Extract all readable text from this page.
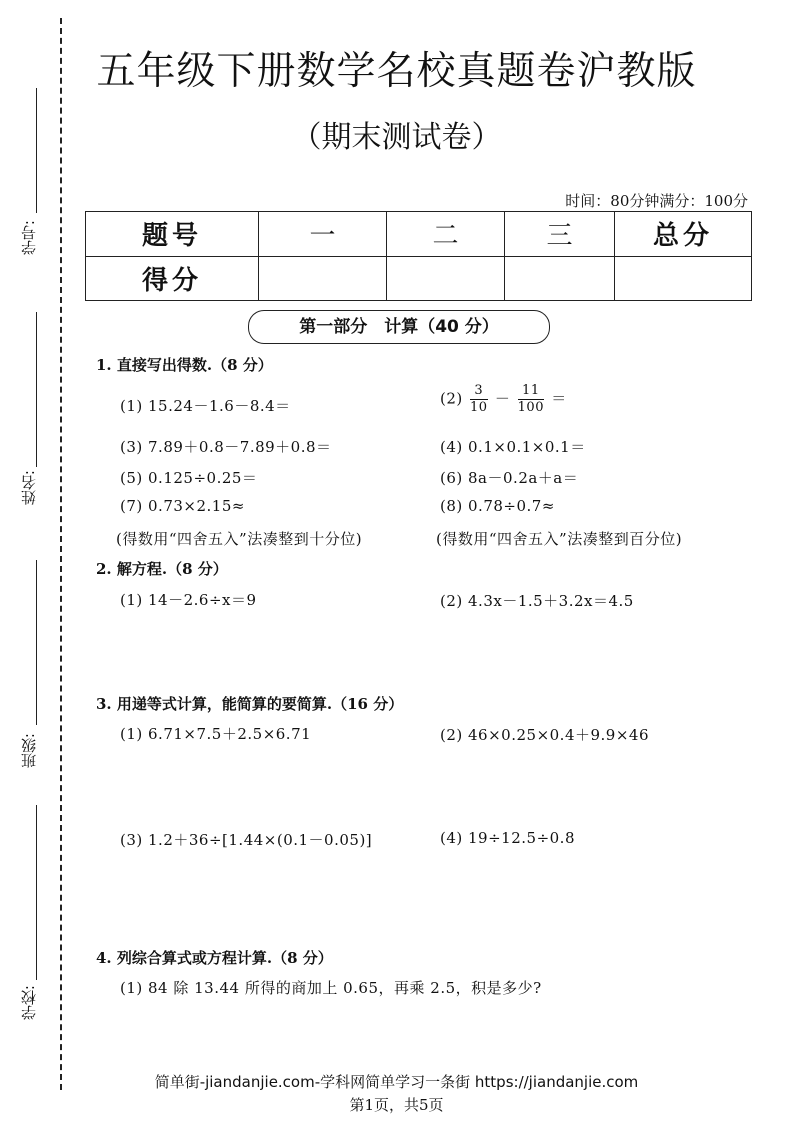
学号:
姓名:
班级:
学校:
五年级下册数学名校真题卷沪教版
（期末测试卷）
时间：80分钟满分：100分
题号	一	二	三	总分
得分				
第一部分　计算（40 分）
1. 直接写出得数.（8 分）
(1) 15.24－1.6－8.4＝	$(2) \frac{3}{10} - \frac{11}{100}$ ＝
(3) 7.89＋0.8－7.89＋0.8＝	(4) 0.1×0.1×0.1＝
(5) 0.125÷0.25＝	(6) 8a－0.2a＋a＝
(7) 0.73×2.15≈	(8) 0.78÷0.7≈
(得数用“四舍五入”法凑整到十分位)	(得数用“四舍五入”法凑整到百分位)
2. 解方程.（8 分）
(1) 14－2.6÷x＝9	(2) 4.3x－1.5＋3.2x＝4.5
3. 用递等式计算，能简算的要简算.（16 分）
(1) 6.71×7.5＋2.5×6.71	(2) 46×0.25×0.4＋9.9×46
(3) 1.2＋36÷[1.44×(0.1－0.05)]	(4) 19÷12.5÷0.8
4. 列综合算式或方程计算.（8 分）
(1) 84 除 13.44 所得的商加上 0.65，再乘 2.5，积是多少?
简单街-jiandanjie.com-学科网简单学习一条街 https://jiandanjie.com
第1页，共5页
